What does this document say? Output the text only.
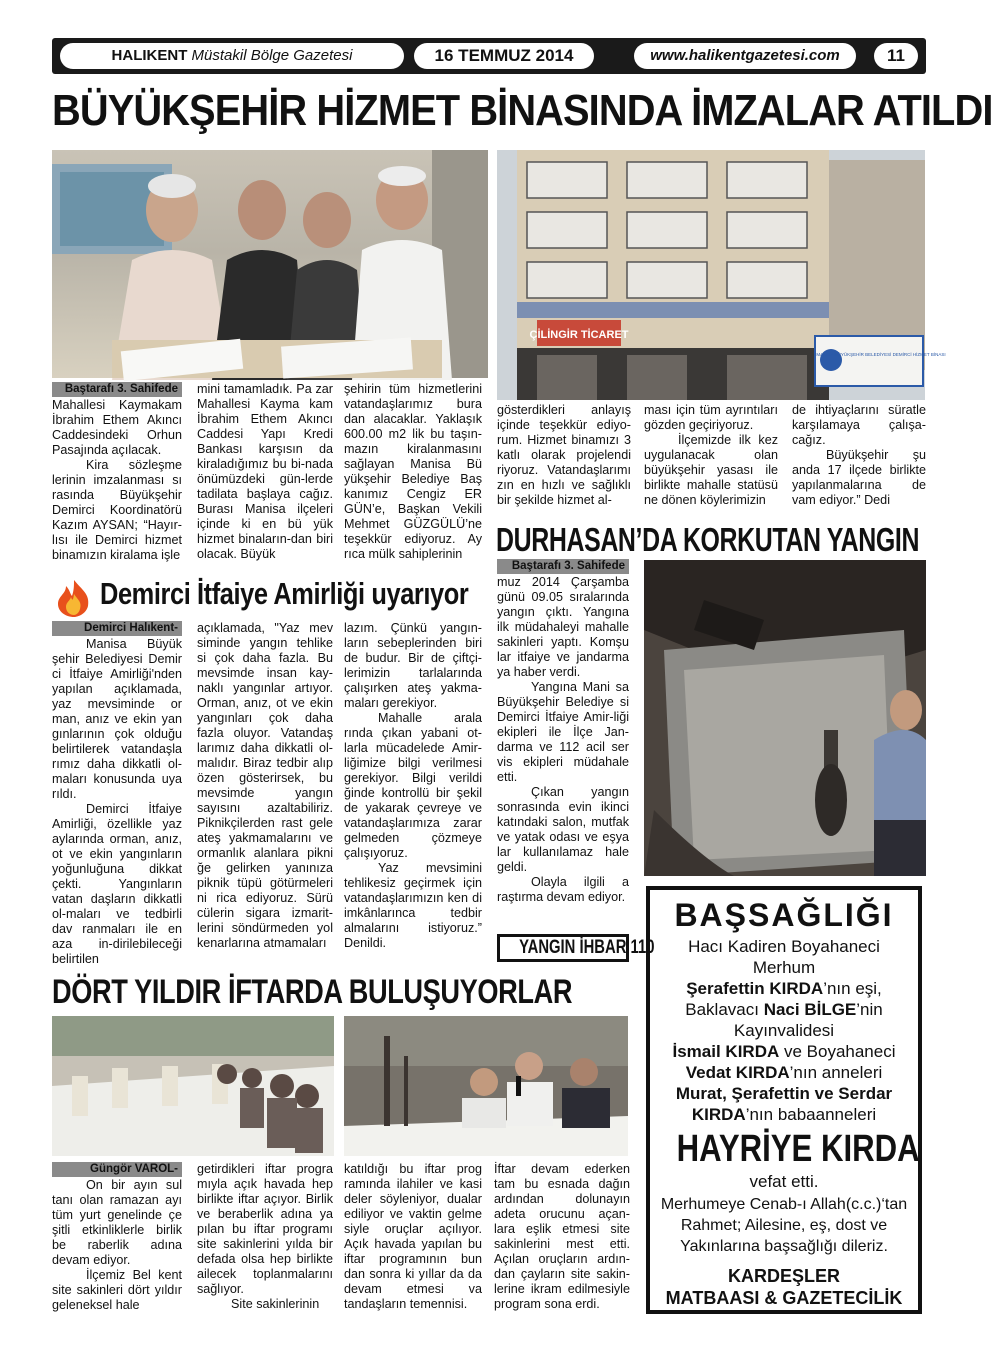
HALIKENT Müstakil Bölge Gazetesi	16 TEMMUZ 2014	www.halikentgazetesi.com	11
BÜYÜKŞEHİR HİZMET BİNASINDA İMZALAR ATILDI
ÇİLİNGİR TİCARET
MANİSA BÜYÜKŞEHİR BELEDİYESİ DEMİRCİ HİZMET BİNASI
Baştarafı 3. Sahifede

Mahallesi Kaymakam İbrahim Ethem Akıncı Caddesindeki Orhun Pasajında açılacak.

Kira sözleşme lerinin imzalanması sı rasında Büyükşehir Demirci Koordinatörü Kazım AYSAN; “Hayır-lısı ile Demirci hizmet binamızın kiralama işle

mini tamamladık. Pa zar Mahallesi Kayma kam İbrahim Ethem Akıncı Caddesi Yapı Kredi Bankası karşısın da kiraladığımız bu bi-nada önümüzdeki gün-lerde tadilata başlaya cağız. Burası Manisa ilçeleri içinde ki en bü yük hizmet binaların-dan biri olacak. Büyük

şehirin tüm hizmetlerini vatandaşlarımız bura dan alacaklar. Yaklaşık 600.00 m2 lik bu taşın-mazın kiralanmasını sağlayan Manisa Bü yükşehir Belediye Baş kanımız Cengiz ER GÜN’e, Başkan Vekili Mehmet GÜZGÜLÜ’ne teşekkür ediyoruz. Ay rıca mülk sahiplerinin

gösterdikleri anlayış içinde teşekkür ediyo-rum. Hizmet binamızı 3 katlı olarak projelendi riyoruz. Vatandaşlarımı zın en hızlı ve sağlıklı bir şekilde hizmet al-

ması için tüm ayrıntıları gözden geçiriyoruz.

İlçemizde ilk kez uygulanacak olan büyükşehir yasası ile birlikte mahalle statüsü ne dönen köylerimizin

de ihtiyaçlarını süratle karşılamaya çalışa-cağız.

Büyükşehir şu anda 17 ilçede birlikte yapılanmalarına de vam ediyor.” Dedi

Demirci İtfaiye Amirliği uyarıyor
Demirci Halıkent-

Manisa Büyük şehir Belediyesi Demir ci İtfaiye Amirliği'nden yapılan açıklamada, yaz mevsiminde or man, anız ve ekin yan gınlarının çok olduğu belirtilerek vatandaşla rımız daha dikkatli ol-maları konusunda uya rıldı.

Demirci İtfaiye Amirliği, özellikle yaz aylarında orman, anız, ot ve ekin yangınların yoğunluğuna dikkat çekti. Yangınların vatan daşların dikkatli ol-maları ve tedbirli dav ranmaları ile en aza in-dirilebileceği belirtilen

açıklamada, "Yaz mev siminde yangın tehlike si çok daha fazla. Bu mevsimde insan kay-naklı yangınlar artıyor. Orman, anız, ot ve ekin yangınları çok daha fazla oluyor. Vatandaş larımız daha dikkatli ol-malıdır. Biraz tedbir alıp özen gösterirsek, bu mevsimde yangın sayısını azaltabiliriz. Piknikçilerden rast gele ateş yakmamalarını ve ormanlık alanlara pikni ğe gelirken yanınıza piknik tüpü götürmeleri ni rica ediyoruz. Sürü cülerin sigara izmarit-lerini söndürmeden yol kenarlarına atmamaları

lazım. Çünkü yangın-ların sebeplerinden biri de budur. Bir de çiftçi-lerimizin tarlalarında çalışırken ateş yakma-maları gerekiyor.

Mahalle arala rında çıkan yabani ot-larla mücadelede Amir-liğimize bilgi verilmesi gerekiyor. Bilgi verildi ğinde kontrollü bir şekil de yakarak çevreye ve vatandaşlarımıza zarar gelmeden çözmeye çalışıyoruz.

Yaz mevsimini tehlikesiz geçirmek için vatandaşlarımızın ken di imkânlarınca tedbir almalarını istiyoruz.” Denildi.

DURHASAN’DA KORKUTAN YANGIN
Baştarafı 3. Sahifede

muz 2014 Çarşamba günü 09.05 sıralarında yangın çıktı. Yangına ilk müdahaleyi mahalle sakinleri yaptı. Komşu lar itfaiye ve jandarma ya haber verdi.

Yangına Mani sa Büyükşehir Belediye si Demirci İtfaiye Amir-liği ekipleri ile İlçe Jan-darma ve 112 acil ser vis ekipleri müdahale etti.

Çıkan yangın sonrasında evin ikinci katındaki salon, mutfak ve yatak odası ve eşya lar kullanılamaz hale geldi.

Olayla ilgili a raştırma devam ediyor.

YANGIN İHBAR 110
DÖRT YILDIR İFTARDA BULUŞUYORLAR
Güngör VAROL-

On bir ayın sul tanı olan ramazan ayı tüm yurt genelinde çe şitli etkinliklerle birlik be raberlik adına devam ediyor.

İlçemiz Bel kent site sakinleri dört yıldır geleneksel hale

getirdikleri iftar progra mıyla açık havada hep birlikte iftar açıyor. Birlik ve beraberlik adına ya pılan bu iftar programı site sakinlerini yılda bir defada olsa hep birlikte ailecek toplanmalarını sağlıyor.

Site sakinlerinin

katıldığı bu iftar prog ramında ilahiler ve kasi deler söyleniyor, dualar ediliyor ve vaktin gelme siyle oruçlar açılıyor. Açık havada yapılan bu iftar programının bun dan sonra ki yıllar da da devam etmesi va tandaşların temennisi.

İftar devam ederken tam bu esnada dağın ardından dolunayın adeta orucunu açan-lara eşlik etmesi site sakinlerini mest etti. Açılan oruçların ardın-dan çayların site sakin-lerine ikram edilmesiyle program sona erdi.

BAŞSAĞLIĞI
Hacı Kadiren Boyahaneci
Merhum
Şerafettin KIRDA’nın eşi,
Baklavacı Naci BİLGE’nin
Kayınvalidesi
İsmail KIRDA ve Boyahaneci
Vedat KIRDA’nın anneleri
Murat, Şerafettin ve Serdar
KIRDA’nın babaanneleri
HAYRİYE KIRDA
vefat etti.
Merhumeye Cenab-ı Allah(c.c.)‘tan
Rahmet; Ailesine, eş, dost ve
Yakınlarına başsağlığı dileriz.
KARDEŞLER
MATBAASI & GAZETECİLİK
